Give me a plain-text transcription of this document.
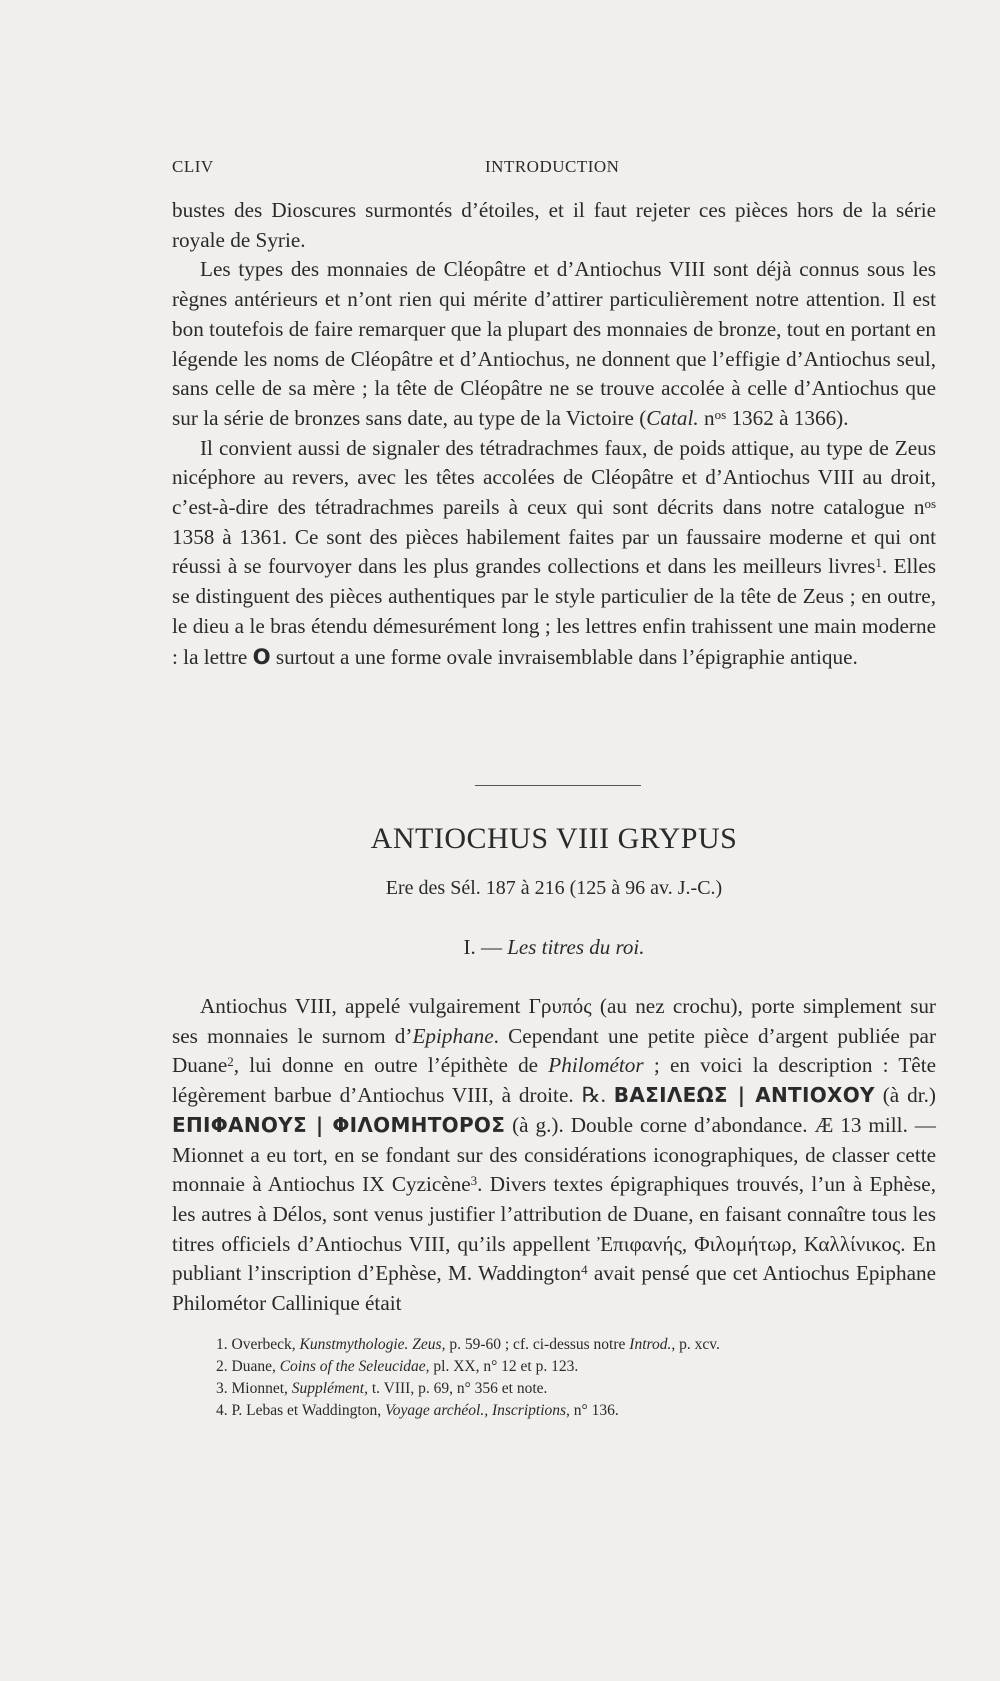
CLIV	INTRODUCTION

bustes des Dioscures surmontés d’étoiles, et il faut rejeter ces pièces hors de la série royale de Syrie.

Les types des monnaies de Cléopâtre et d’Antiochus VIII sont déjà connus sous les règnes antérieurs et n’ont rien qui mérite d’attirer particulièrement notre attention. Il est bon toutefois de faire remarquer que la plupart des monnaies de bronze, tout en portant en légende les noms de Cléopâtre et d’Antiochus, ne donnent que l’effigie d’Antiochus seul, sans celle de sa mère ; la tête de Cléopâtre ne se trouve accolée à celle d’Antiochus que sur la série de bronzes sans date, au type de la Victoire (Catal. $n^{os}$ 1362 à 1366).

Il convient aussi de signaler des tétradrachmes faux, de poids attique, au type de Zeus nicéphore au revers, avec les têtes accolées de Cléopâtre et d’Antiochus VIII au droit, c’est-à-dire des tétradrachmes pareils à ceux qui sont décrits dans notre catalogue $n^{os}$ 1358 à 1361. Ce sont des pièces habilement faites par un faussaire moderne et qui ont réussi à se fourvoyer dans les plus grandes collections et dans les meilleurs livres$^1$. Elles se distinguent des pièces authentiques par le style particulier de la tête de Zeus ; en outre, le dieu a le bras étendu démesurément long ; les lettres enfin trahissent une main moderne : la lettre O surtout a une forme ovale invraisemblable dans l’épigraphie antique.

ANTIOCHUS VIII GRYPUS
Ere des Sél. 187 à 216 (125 à 96 av. J.-C.)
I. — Les titres du roi.

Antiochus VIII, appelé vulgairement Γρυπός (au nez crochu), porte simplement sur ses monnaies le surnom d’Epiphane. Cependant une petite pièce d’argent publiée par Duane$^2$, lui donne en outre l’épithète de Philométor ; en voici la description : Tête légèrement barbue d’Antiochus VIII, à droite. ℞. ΒΑΣΙΛΕΩΣ | ΑΝΤΙΟΧΟΥ (à dr.) ΕΠΙΦΑΝΟΥΣ | ΦΙΛΟΜΗΤΟΡΟΣ (à g.). Double corne d’abondance. Æ 13 mill. — Mionnet a eu tort, en se fondant sur des considérations iconographiques, de classer cette monnaie à Antiochus IX Cyzicène$^3$. Divers textes épigraphiques trouvés, l’un à Ephèse, les autres à Délos, sont venus justifier l’attribution de Duane, en faisant connaître tous les titres officiels d’Antiochus VIII, qu’ils appellent Ἐπιφανής, Φιλομήτωρ, Καλλίνικος. En publiant l’inscription d’Ephèse, M. Waddington$^4$ avait pensé que cet Antiochus Epiphane Philométor Callinique était

1. Overbeck, Kunstmythologie. Zeus, p. 59-60 ; cf. ci-dessus notre Introd., p. xcv.
2. Duane, Coins of the Seleucidae, pl. XX, n° 12 et p. 123.
3. Mionnet, Supplément, t. VIII, p. 69, n° 356 et note.
4. P. Lebas et Waddington, Voyage archéol., Inscriptions, n° 136.
